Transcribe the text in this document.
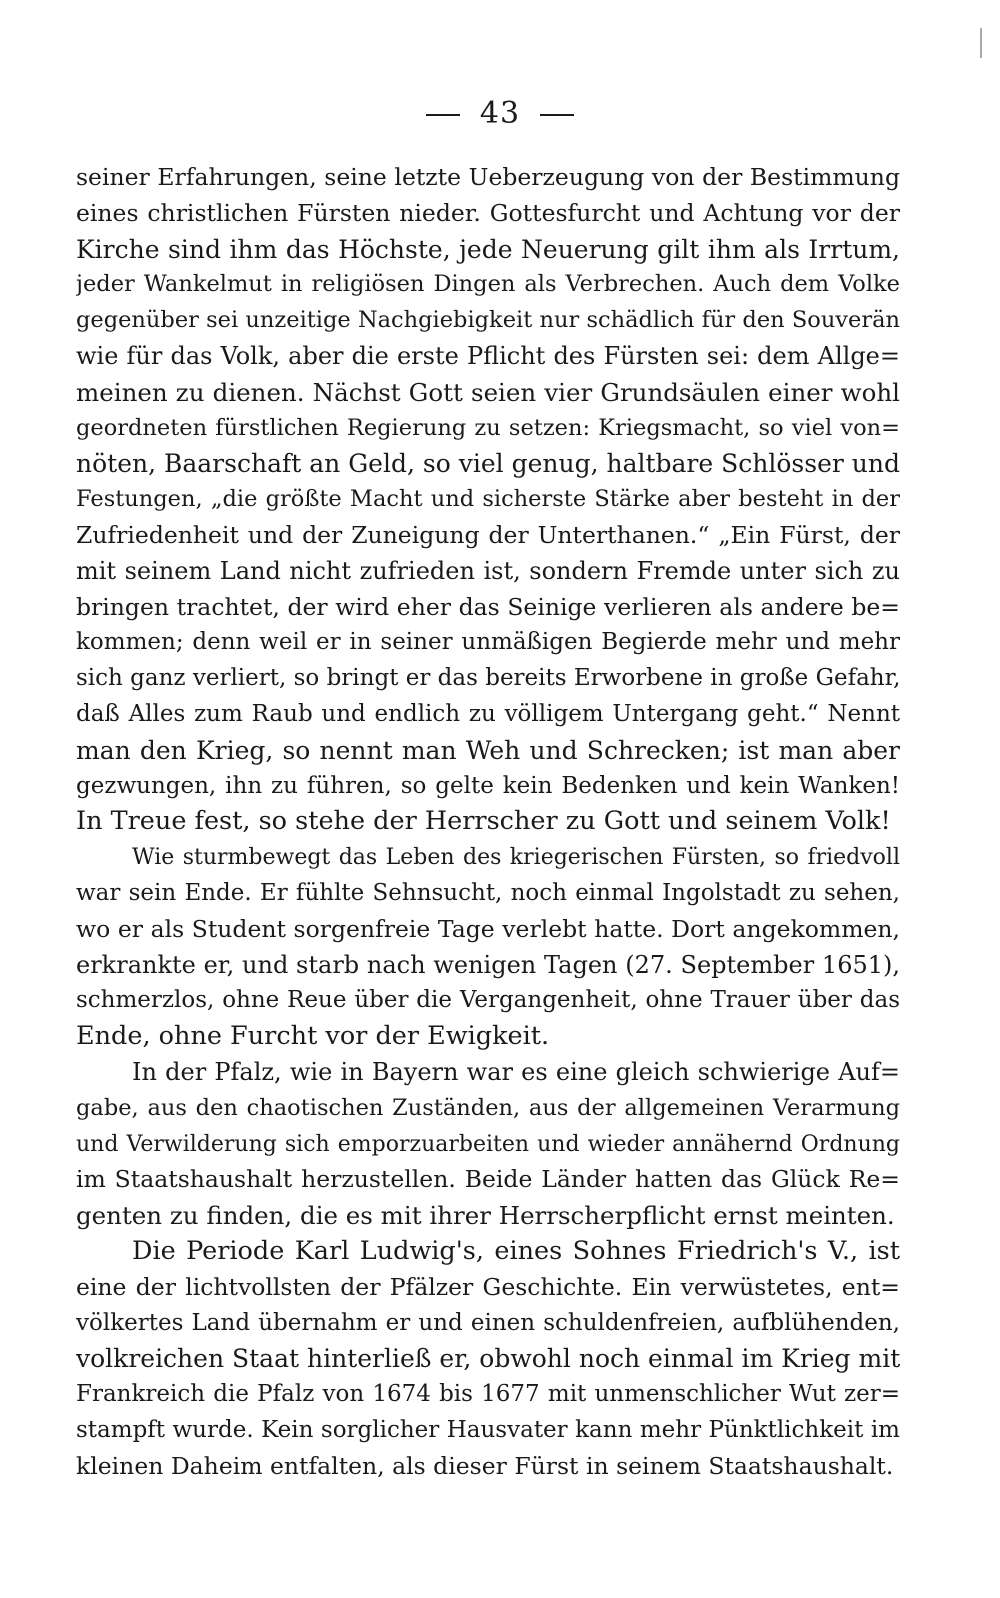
43
seiner Erfahrungen, seine letzte Ueberzeugung von der Bestimmung
eines christlichen Fürsten nieder. Gottesfurcht und Achtung vor der
Kirche sind ihm das Höchste, jede Neuerung gilt ihm als Irrtum,
jeder Wankelmut in religiösen Dingen als Verbrechen. Auch dem Volke
gegenüber sei unzeitige Nachgiebigkeit nur schädlich für den Souverän
wie für das Volk, aber die erste Pflicht des Fürsten sei: dem Allge=
meinen zu dienen. Nächst Gott seien vier Grundsäulen einer wohl
geordneten fürstlichen Regierung zu setzen: Kriegsmacht, so viel von=
nöten, Baarschaft an Geld, so viel genug, haltbare Schlösser und
Festungen, „die größte Macht und sicherste Stärke aber besteht in der
Zufriedenheit und der Zuneigung der Unterthanen.“ „Ein Fürst, der
mit seinem Land nicht zufrieden ist, sondern Fremde unter sich zu
bringen trachtet, der wird eher das Seinige verlieren als andere be=
kommen; denn weil er in seiner unmäßigen Begierde mehr und mehr
sich ganz verliert, so bringt er das bereits Erworbene in große Gefahr,
daß Alles zum Raub und endlich zu völligem Untergang geht.“ Nennt
man den Krieg, so nennt man Weh und Schrecken; ist man aber
gezwungen, ihn zu führen, so gelte kein Bedenken und kein Wanken!
In Treue fest, so stehe der Herrscher zu Gott und seinem Volk!
Wie sturmbewegt das Leben des kriegerischen Fürsten, so friedvoll
war sein Ende. Er fühlte Sehnsucht, noch einmal Ingolstadt zu sehen,
wo er als Student sorgenfreie Tage verlebt hatte. Dort angekommen,
erkrankte er, und starb nach wenigen Tagen (27. September 1651),
schmerzlos, ohne Reue über die Vergangenheit, ohne Trauer über das
Ende, ohne Furcht vor der Ewigkeit.
In der Pfalz, wie in Bayern war es eine gleich schwierige Auf=
gabe, aus den chaotischen Zuständen, aus der allgemeinen Verarmung
und Verwilderung sich emporzuarbeiten und wieder annähernd Ordnung
im Staatshaushalt herzustellen. Beide Länder hatten das Glück Re=
genten zu finden, die es mit ihrer Herrscherpflicht ernst meinten.
Die Periode Karl Ludwig's, eines Sohnes Friedrich's V., ist
eine der lichtvollsten der Pfälzer Geschichte. Ein verwüstetes, ent=
völkertes Land übernahm er und einen schuldenfreien, aufblühenden,
volkreichen Staat hinterließ er, obwohl noch einmal im Krieg mit
Frankreich die Pfalz von 1674 bis 1677 mit unmenschlicher Wut zer=
stampft wurde. Kein sorglicher Hausvater kann mehr Pünktlichkeit im
kleinen Daheim entfalten, als dieser Fürst in seinem Staatshaushalt.
